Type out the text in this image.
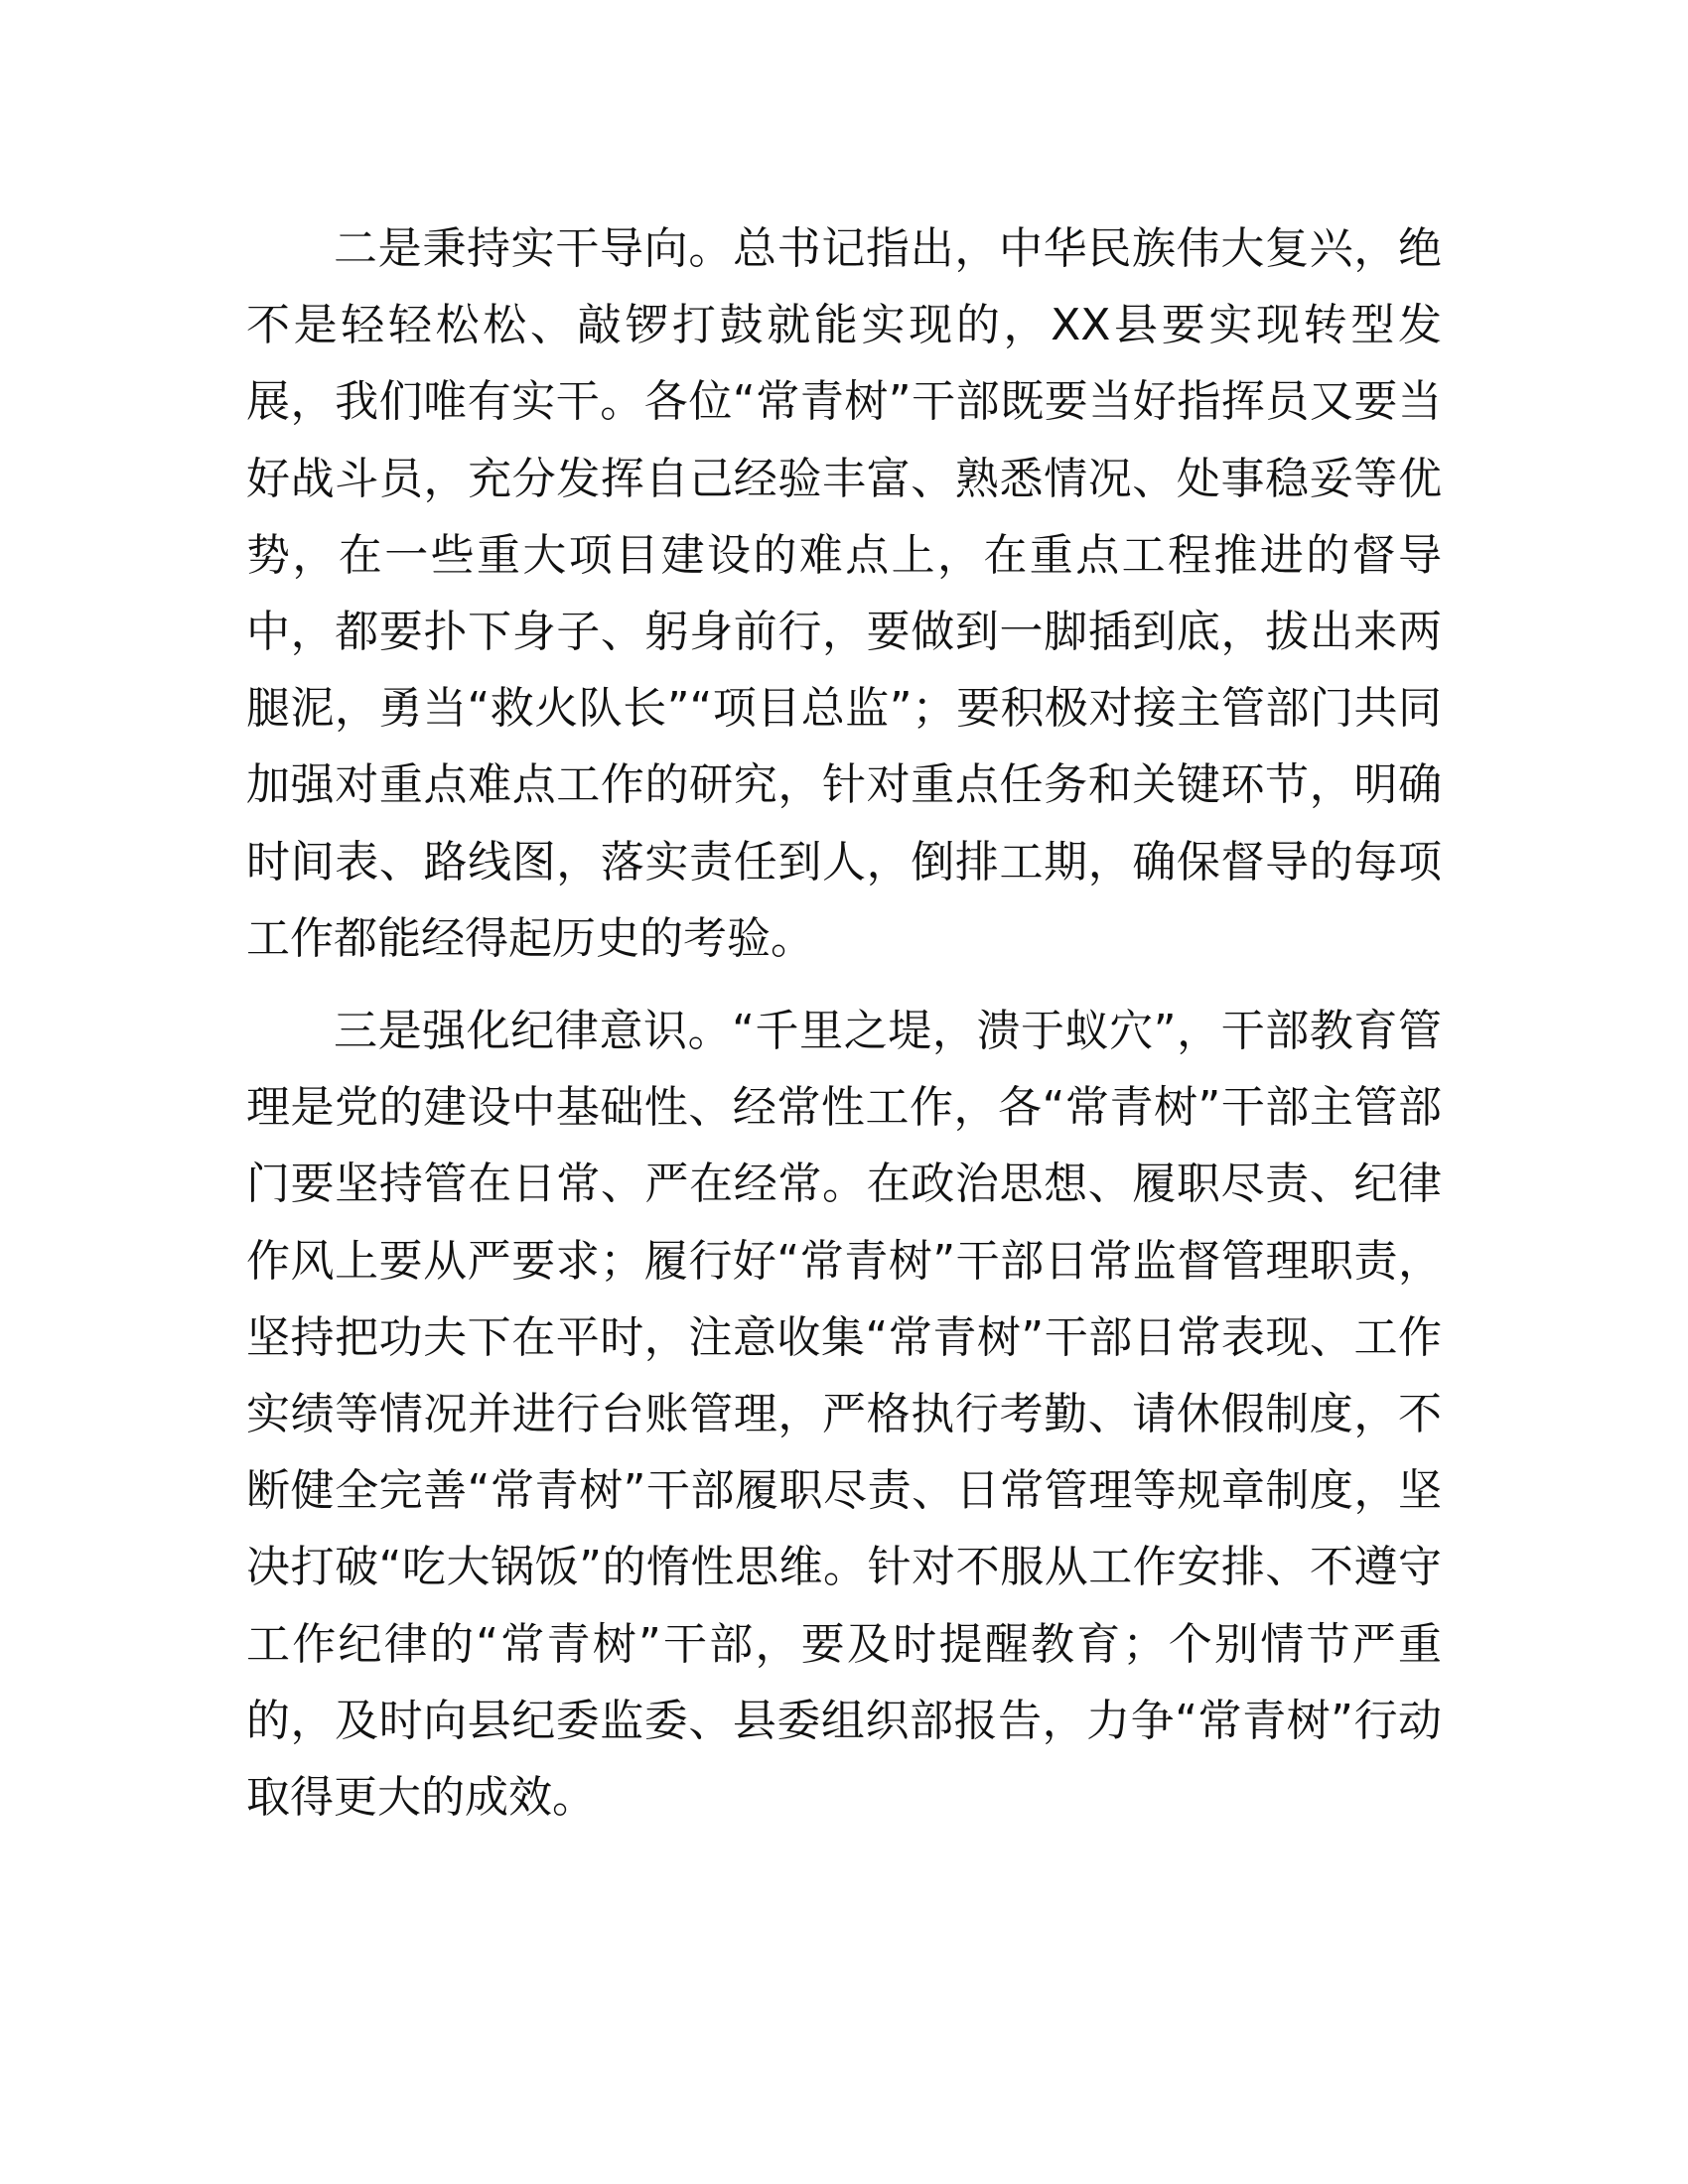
二是秉持实干导向。总书记指出，中华民族伟大复兴，绝不是轻轻松松、敲锣打鼓就能实现的，XX县要实现转型发展，我们唯有实干。各位“常青树”干部既要当好指挥员又要当好战斗员，充分发挥自己经验丰富、熟悉情况、处事稳妥等优势，在一些重大项目建设的难点上，在重点工程推进的督导中，都要扑下身子、躬身前行，要做到一脚插到底，拔出来两腿泥，勇当“救火队长”“项目总监”；要积极对接主管部门共同加强对重点难点工作的研究，针对重点任务和关键环节，明确时间表、路线图，落实责任到人，倒排工期，确保督导的每项工作都能经得起历史的考验。

三是强化纪律意识。“千里之堤，溃于蚁穴”，干部教育管理是党的建设中基础性、经常性工作，各“常青树”干部主管部门要坚持管在日常、严在经常。在政治思想、履职尽责、纪律作风上要从严要求；履行好“常青树”干部日常监督管理职责，坚持把功夫下在平时，注意收集“常青树”干部日常表现、工作实绩等情况并进行台账管理，严格执行考勤、请休假制度，不断健全完善“常青树”干部履职尽责、日常管理等规章制度，坚决打破“吃大锅饭”的惰性思维。针对不服从工作安排、不遵守工作纪律的“常青树”干部，要及时提醒教育；个别情节严重的，及时向县纪委监委、县委组织部报告，力争“常青树”行动取得更大的成效。
